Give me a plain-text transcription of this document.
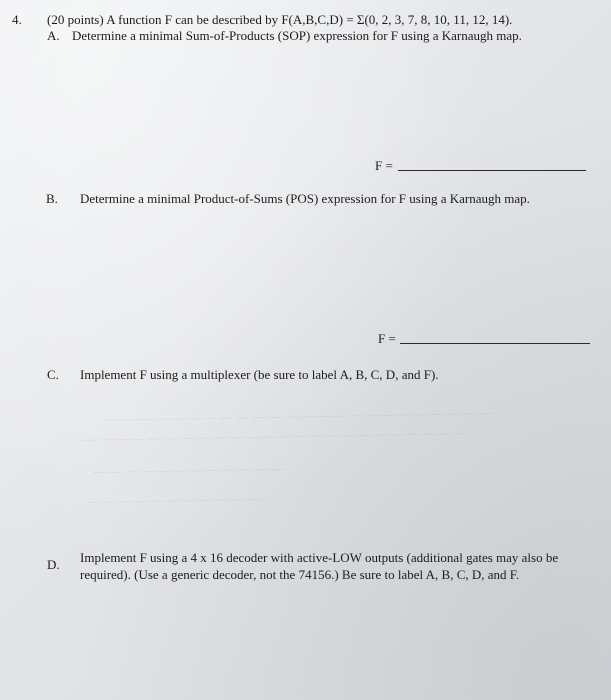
— — — — — — — — — — — — — — — — — — — — — — — —
— — — — — — — — — — — — — — — — — — — — — — — —
— — — — — — — — — — — —
— — — — — — — — — — —
4. (20 points) A function F can be described by F(A,B,C,D) = Σ(0, 2, 3, 7, 8, 10, 11, 12, 14).
A. Determine a minimal Sum-of-Products (SOP) expression for F using a Karnaugh map.
F =
B. Determine a minimal Product-of-Sums (POS) expression for F using a Karnaugh map.
F =
C. Implement F using a multiplexer (be sure to label A, B, C, D, and F).
D. Implement F using a 4 x 16 decoder with active-LOW outputs (additional gates may also be
required). (Use a generic decoder, not the 74156.) Be sure to label A, B, C, D, and F.
